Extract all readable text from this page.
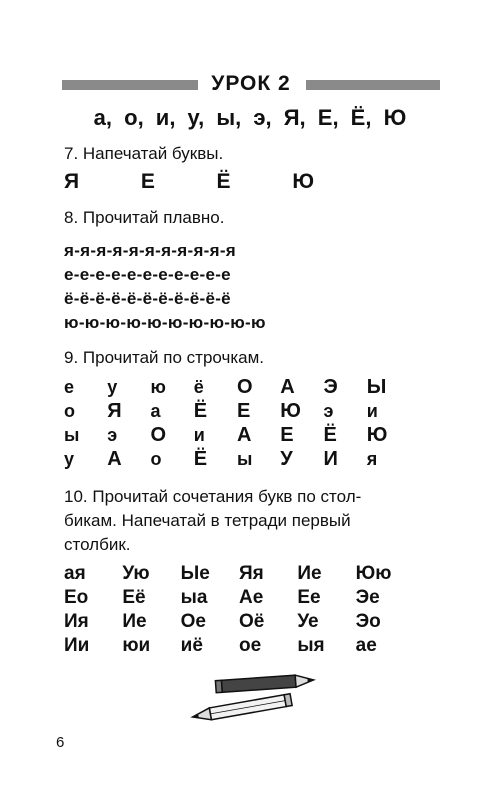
УРОК 2
а, о, и, у, ы, э, Я, Е, Ё, Ю
7. Напечатай буквы.
Я	Е	Ё	Ю
8. Прочитай плавно.
я-я-я-я-я-я-я-я-я-я-я
е-е-е-е-е-е-е-е-е-е-е
ё-ё-ё-ё-ё-ё-ё-ё-ё-ё-ё
ю-ю-ю-ю-ю-ю-ю-ю-ю-ю
9. Прочитай по строчкам.
е	у	ю	ё	О	А	Э	Ы
о	Я	а	Ё	Е	Ю	э	и
ы	э	О	и	А	Е	Ё	Ю
у	А	о	Ё	ы	У	И	я
10. Прочитай сочетания букв по стол-
бикам. Напечатай в тетради первый
столбик.
ая	Ую	Ые	Яя	Ие	Юю
Ео	Её	ыа	Ае	Ее	Эе
Ия	Ие	Ое	Оё	Уе	Эо
Ии	юи	иё	ое	ыя	ае
6
